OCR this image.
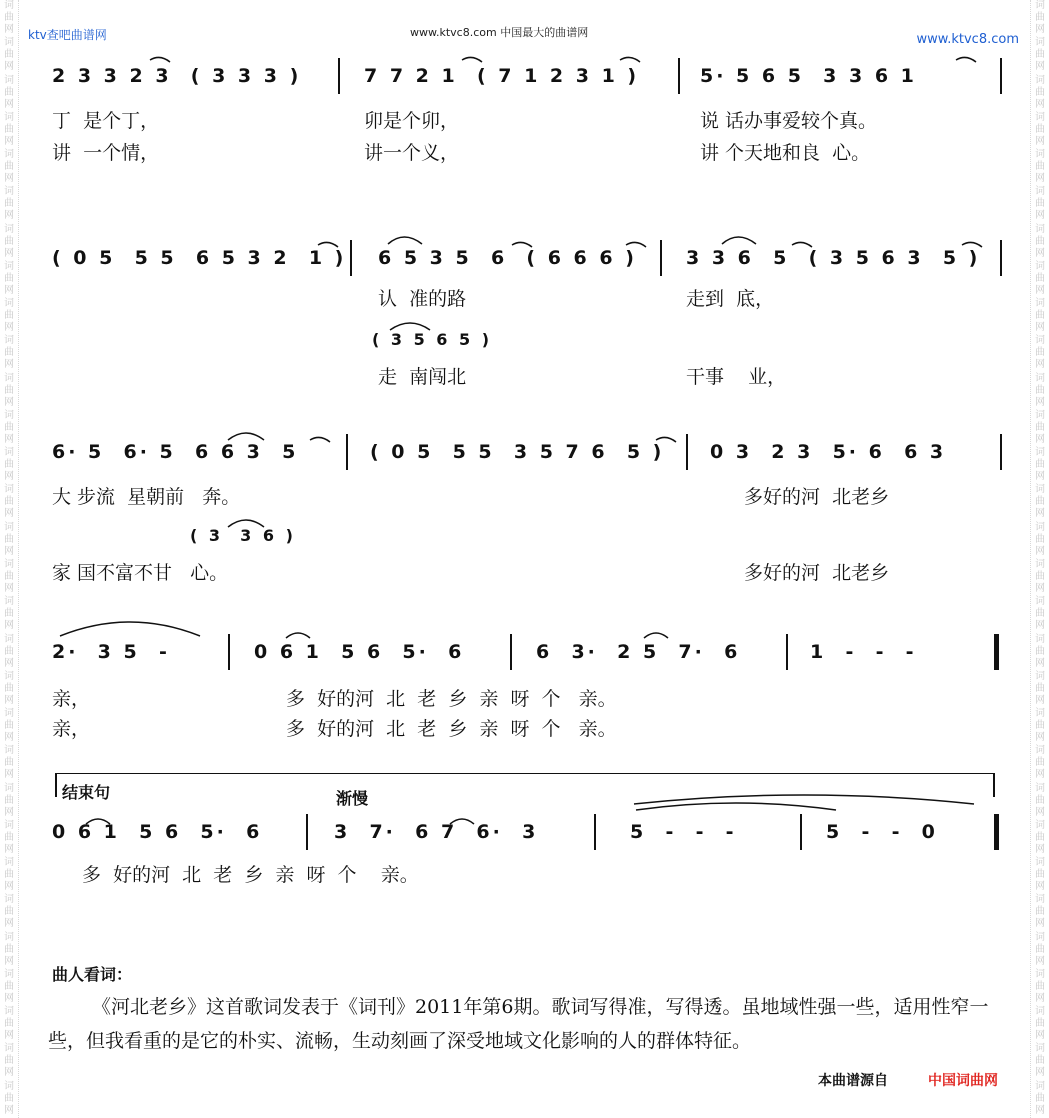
词
曲
网
词
曲
网
词
曲
网
词
曲
网
词
曲
网
词
曲
网
词
曲
网
词
曲
网
词
曲
网
词
曲
网
词
曲
网
词
曲
网
词
曲
网
词
曲
网
词
曲
网
词
曲
网
词
曲
网
词
曲
网
词
曲
网
词
曲
网
词
曲
网
词
曲
网
词
曲
网
词
曲
网
词
曲
网
词
曲
网
词
曲
网
词
曲
网
词
曲
网
词
曲
网
词
曲
网
词
曲
网
词
曲
网
词
曲
网
词
曲
网
词
曲
网
词
曲
网
词
曲
网
词
曲
网
词
曲
网
词
曲
网
词
曲
网
词
曲
网
词
曲
网
词
曲
网
词
曲
网
词
曲
网
词
曲
网
词
曲
网
词
曲
网
词
曲
网
词
曲
网
词
曲
网
词
曲
网
词
曲
网
词
曲
网
词
曲
网
词
曲
网
词
曲
网
词
曲
网
ktv查吧曲谱网	www.ktvc8.com 中国最大的曲谱网	www.ktvc8.com
2 3 3 2 3  ( 3 3 3 )	7 7 2 1  ( 7 1 2 3 1 )	5· 5 6 5  3 3 6 1
丁  是个丁，	卯是个卯，	说 话办事爱较个真。
讲  一个情，	讲一个义，	讲 个天地和良  心。
( 0 5  5 5  6 5 3 2  1 ) 6 5 3 5  6  ( 6 6 6 )	3 3 6  5  ( 3 5 6 3  5 )
认  准的路	走到  底，
( 3 5 6 5 )
走  南闯北	干事    业，
6· 5  6· 5  6 6 3  5	( 0 5  5 5  3 5 7 6  5 ) 0 3  2 3  5· 6  6 3
大 步流  星朝前   奔。	多好的河  北老乡
( 3  3 6 )
家 国不富不甘   心。	多好的河  北老乡
2·  3 5  -	0 6 1  5 6  5·  6	6  3·  2 5  7·  6	1  -  -  -
亲，	多  好的河  北  老  乡  亲  呀  个   亲。
亲，	多  好的河  北  老  乡  亲  呀  个   亲。
结束句	渐慢
0 6 1  5 6  5·  6	3  7·  6 7  6·  3	5  -  -  -	5  -  -  0
多  好的河  北  老  乡  亲  呀  个    亲。
曲人看词：
《河北老乡》这首歌词发表于《词刊》2011年第6期。歌词写得准，写得透。虽地域性强一些，适用性窄一些，但我看重的是它的朴实、流畅，生动刻画了深受地域文化影响的人的群体特征。
本曲谱源自	中国词曲网
